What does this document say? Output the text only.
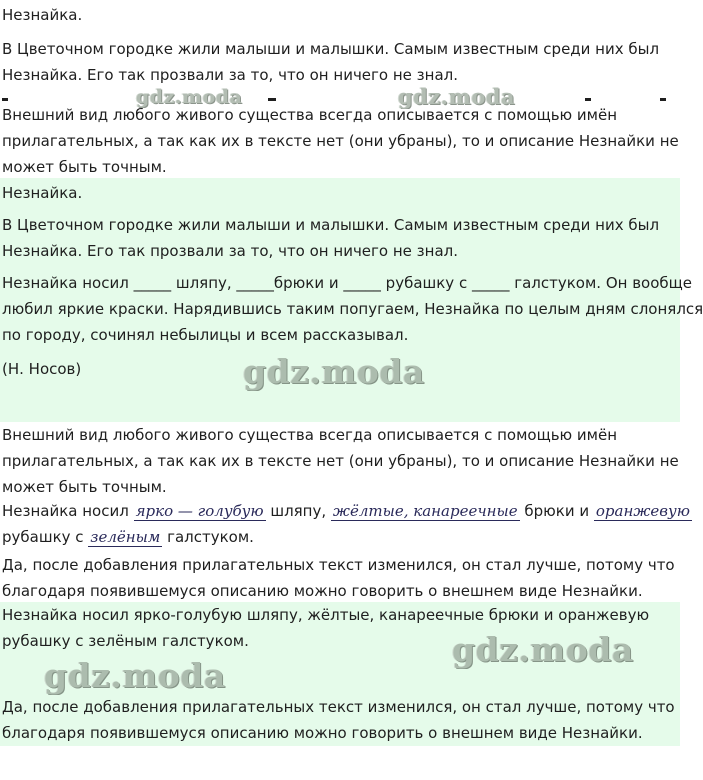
Незнайка.
В Цветочном городке жили малыши и малышки. Самым известным среди них был
Незнайка. Его так прозвали за то, что он ничего не знал.
Внешний вид любого живого существа всегда описывается с помощью имён
прилагательных, а так как их в тексте нет (они убраны), то и описание Незнайки не
может быть точным.
Незнайка.
В Цветочном городке жили малыши и малышки. Самым известным среди них был
Незнайка. Его так прозвали за то, что он ничего не знал.
Незнайка носил _____ шляпу, _____брюки и _____ рубашку с _____ галстуком. Он вообще
любил яркие краски. Нарядившись таким попугаем, Незнайка по целым дням слонялся
по городу, сочинял небылицы и всем рассказывал.
(Н. Носов)
Внешний вид любого живого существа всегда описывается с помощью имён
прилагательных, а так как их в тексте нет (они убраны), то и описание Незнайки не
может быть точным.
Незнайка носил ярко — голубую шляпу, жёлтые, канареечные брюки и оранжевую
рубашку с зелёным галстуком.
Да, после добавления прилагательных текст изменился, он стал лучше, потому что
благодаря появившемуся описанию можно говорить о внешнем виде Незнайки.
Незнайка носил ярко-голубую шляпу, жёлтые, канареечные брюки и оранжевую
рубашку с зелёным галстуком.
Да, после добавления прилагательных текст изменился, он стал лучше, потому что
благодаря появившемуся описанию можно говорить о внешнем виде Незнайки.
gdz.moda	gdz.moda
gdz.moda
gdz.moda
gdz.moda
